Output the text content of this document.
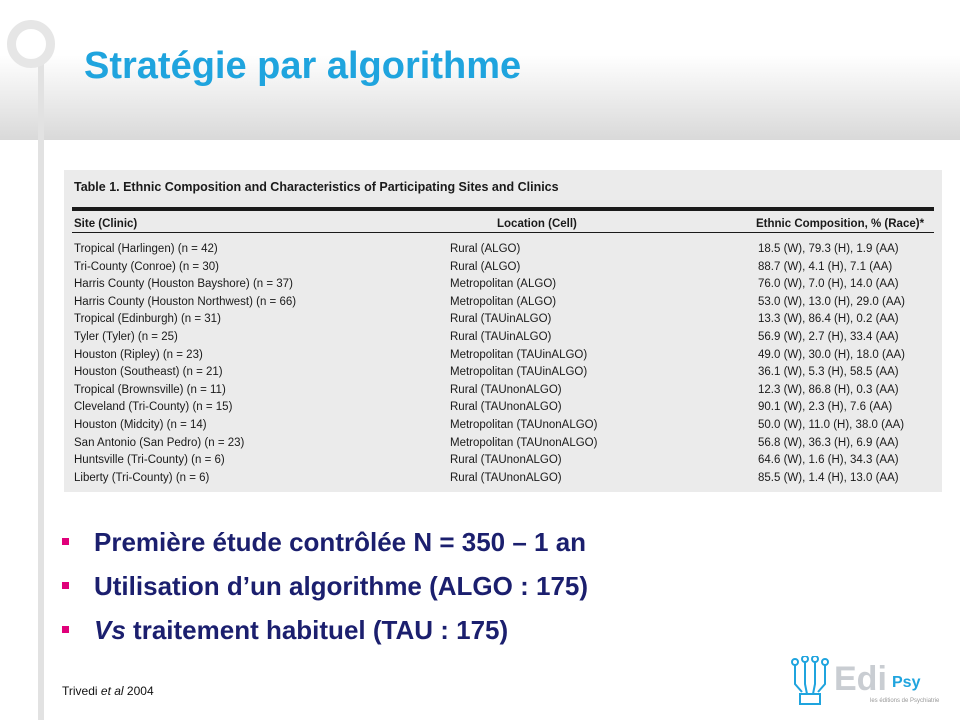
Stratégie par algorithme
Table 1. Ethnic Composition and Characteristics of Participating Sites and Clinics
Site (Clinic)	Location (Cell)	Ethnic Composition, % (Race)*
Tropical (Harlingen) (n = 42)	Rural (ALGO)	18.5 (W), 79.3 (H), 1.9 (AA)
Tri-County (Conroe) (n = 30)	Rural (ALGO)	88.7 (W), 4.1 (H), 7.1 (AA)
Harris County (Houston Bayshore) (n = 37)	Metropolitan (ALGO)	76.0 (W), 7.0 (H), 14.0 (AA)
Harris County (Houston Northwest) (n = 66)	Metropolitan (ALGO)	53.0 (W), 13.0 (H), 29.0 (AA)
Tropical (Edinburgh) (n = 31)	Rural (TAUinALGO)	13.3 (W), 86.4 (H), 0.2 (AA)
Tyler (Tyler) (n = 25)	Rural (TAUinALGO)	56.9 (W), 2.7 (H), 33.4 (AA)
Houston (Ripley) (n = 23)	Metropolitan (TAUinALGO)	49.0 (W), 30.0 (H), 18.0 (AA)
Houston (Southeast) (n = 21)	Metropolitan (TAUinALGO)	36.1 (W), 5.3 (H), 58.5 (AA)
Tropical (Brownsville) (n = 11)	Rural (TAUnonALGO)	12.3 (W), 86.8 (H), 0.3 (AA)
Cleveland (Tri-County) (n = 15)	Rural (TAUnonALGO)	90.1 (W), 2.3 (H), 7.6 (AA)
Houston (Midcity) (n = 14)	Metropolitan (TAUnonALGO)	50.0 (W), 11.0 (H), 38.0 (AA)
San Antonio (San Pedro) (n = 23)	Metropolitan (TAUnonALGO)	56.8 (W), 36.3 (H), 6.9 (AA)
Huntsville (Tri-County) (n = 6)	Rural (TAUnonALGO)	64.6 (W), 1.6 (H), 34.3 (AA)
Liberty (Tri-County) (n = 6)	Rural (TAUnonALGO)	85.5 (W), 1.4 (H), 13.0 (AA)
Première étude contrôlée N = 350 – 1 an
Utilisation d’un algorithme (ALGO : 175)
Vs traitement habituel (TAU : 175)
Trivedi et al 2004	Edi Psy
les éditions de Psychiatrie
